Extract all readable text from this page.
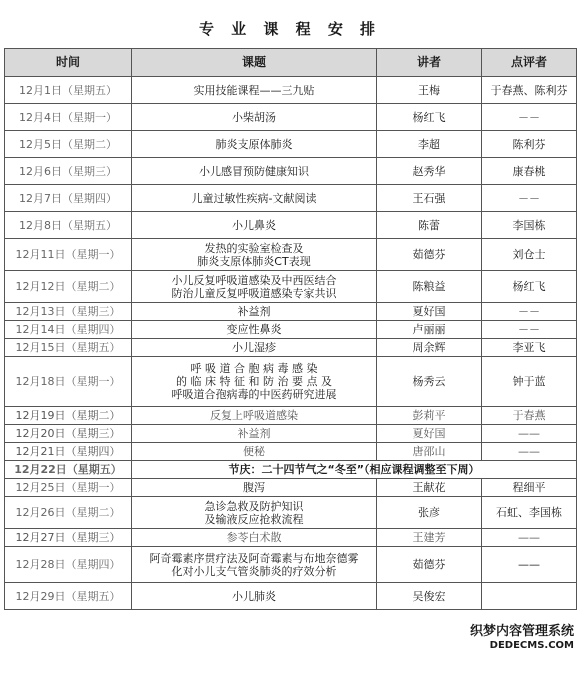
专 业 课 程 安 排
时间	课题	讲者	点评者
12月1日（星期五）	实用技能课程——三九贴	王梅	于春燕、陈利芬
12月4日（星期一）	小柴胡汤	杨红飞	－－
12月5日（星期二）	肺炎支原体肺炎	李超	陈利芬
12月6日（星期三）	小儿感冒预防健康知识	赵秀华	康春桃
12月7日（星期四）	儿童过敏性疾病-文献阅读	王石强	－－
12月8日（星期五）	小儿鼻炎	陈蕾	李国栋
12月11日（星期一）	发热的实验室检查及
肺炎支原体肺炎CT表现	茹德芬	刘仓士
12月12日（星期二）	小儿反复呼吸道感染及中西医结合
防治儿童反复呼吸道感染专家共识	陈粮益	杨红飞
12月13日（星期三）	补益剂	夏好国	－－
12月14日（星期四）	变应性鼻炎	卢丽丽	－－
12月15日（星期五）	小儿湿疹	周余辉	李亚飞
12月18日（星期一）	呼 吸 道 合 胞 病 毒 感 染
的 临 床 特 征 和 防 治 要 点 及
呼吸道合孢病毒的中医药研究进展	杨秀云	钟于蓝
12月19日（星期二）	反复上呼吸道感染	彭莉平	于春燕
12月20日（星期三）	补益剂	夏好国	——
12月21日（星期四）	便秘	唐邵山	——
12月22日（星期五）	节庆：二十四节气之“冬至”（相应课程调整至下周）		
12月25日（星期一）	腹泻	王献花	程细平
12月26日（星期二）	急诊急救及防护知识
及输液反应抢救流程	张彦	石虹、李国栋
12月27日（星期三）	参苓白术散	王建芳	——
12月28日（星期四）	阿奇霉素序贯疗法及阿奇霉素与布地奈德雾
化对小儿支气管炎肺炎的疗效分析	茹德芬	——
12月29日（星期五）	小儿肺炎	吴俊宏	
织梦内容管理系统
DEDECMS.COM
